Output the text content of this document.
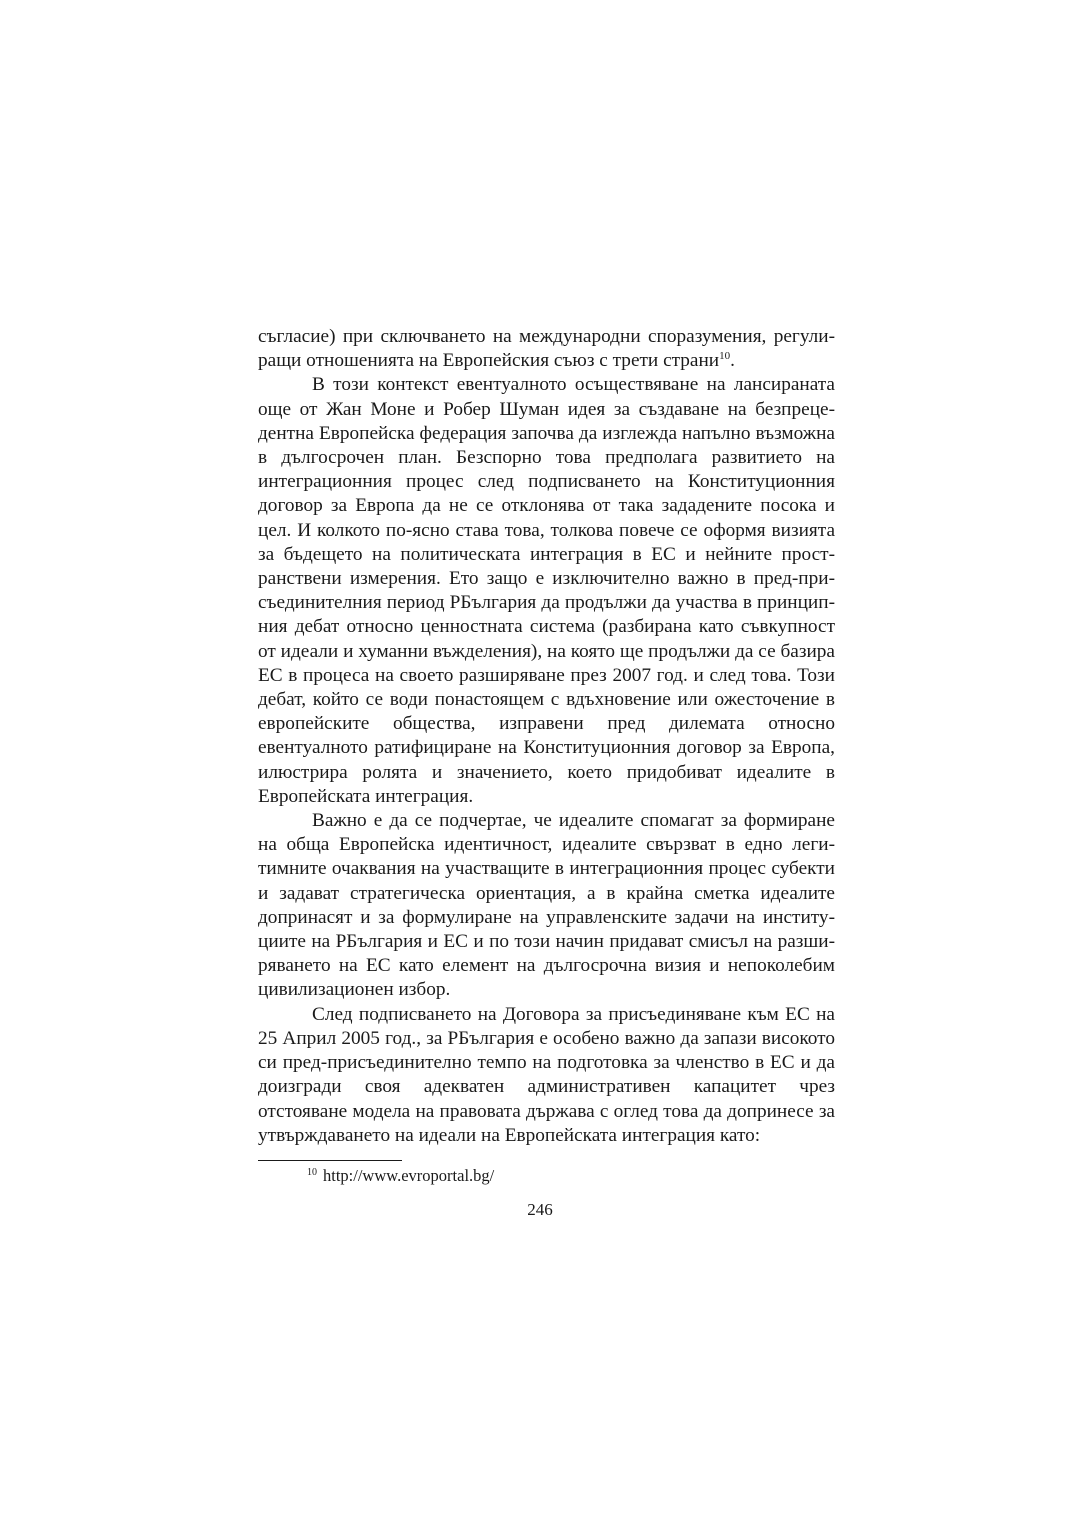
съгласие) при сключването на международни споразумения, регулиращи отношенията на Европейския съюз с трети страни$^{10}$.

В този контекст евентуалното осъществяване на лансираната още от Жан Моне и Робер Шуман идея за създаване на безпрецедентна Европейска федерация започва да изглежда напълно възможна в дългосрочен план. Безспорно това предполага развитието на интеграционния процес след подписването на Конституционния договор за Европа да не се отклонява от така зададените посока и цел. И колкото по-ясно става това, толкова повече се оформя визията за бъдещето на политическата интеграция в ЕС и нейните пространствени измерения. Ето защо е изключително важно в пред-присъединителния период РБългария да продължи да участва в принципния дебат относно ценностната система (разбирана като съвкупност от идеали и хуманни въжделения), на която ще продължи да се базира ЕС в процеса на своето разширяване през 2007 год. и след това. Този дебат, който се води понастоящем с вдъхновение или ожесточение в европейските общества, изправени пред дилемата относно евентуалното ратифициране на Конституционния договор за Европа, илюстрира ролята и значението, което придобиват идеалите в Европейската интеграция.

Важно е да се подчертае, че идеалите спомагат за формиране на обща Европейска идентичност, идеалите свързват в едно легитимните очаквания на участващите в интеграционния процес субекти и задават стратегическа ориентация, а в крайна сметка идеалите допринасят и за формулиране на управленските задачи на институциите на РБългария и ЕС и по този начин придават смисъл на разширяването на ЕС като елемент на дългосрочна визия и непоколебим цивилизационен избор.

След подписването на Договора за присъединяване към ЕС на 25 Април 2005 год., за РБългария е особено важно да запази високото си пред-присъединително темпо на подготовка за членство в ЕС и да доизгради своя адекватен административен капацитет чрез отстояване модела на правовата държава с оглед това да допринесе за утвърждаването на идеали на Европейската интеграция като:

$^{10}$ http://www.evroportal.bg/
246
